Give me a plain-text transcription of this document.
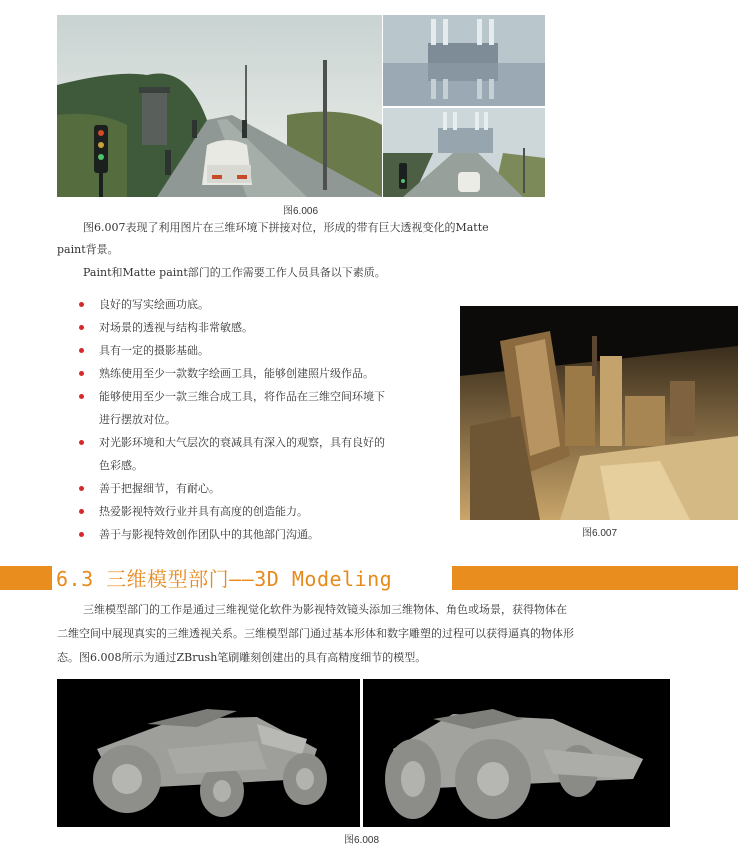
图6.006
图6.007表现了利用图片在三维环境下拼接对位，形成的带有巨大透视变化的Matte
paint背景。
Paint和Matte paint部门的工作需要工作人员具备以下素质。
良好的写实绘画功底。
对场景的透视与结构非常敏感。
具有一定的摄影基础。
熟练使用至少一款数字绘画工具，能够创建照片级作品。
能够使用至少一款三维合成工具，将作品在三维空间环境下
进行摆放对位。
对光影环境和大气层次的衰减具有深入的观察，具有良好的
色彩感。
善于把握细节，有耐心。
热爱影视特效行业并具有高度的创造能力。
善于与影视特效创作团队中的其他部门沟通。	图6.007
6.3 三维模型部门——3D Modeling
三维模型部门的工作是通过三维视觉化软件为影视特效镜头添加三维物体、角色或场景，获得物体在
二维空间中展现真实的三维透视关系。三维模型部门通过基本形体和数字雕塑的过程可以获得逼真的物体形
态。图6.008所示为通过ZBrush笔刷雕刻创建出的具有高精度细节的模型。
图6.008
